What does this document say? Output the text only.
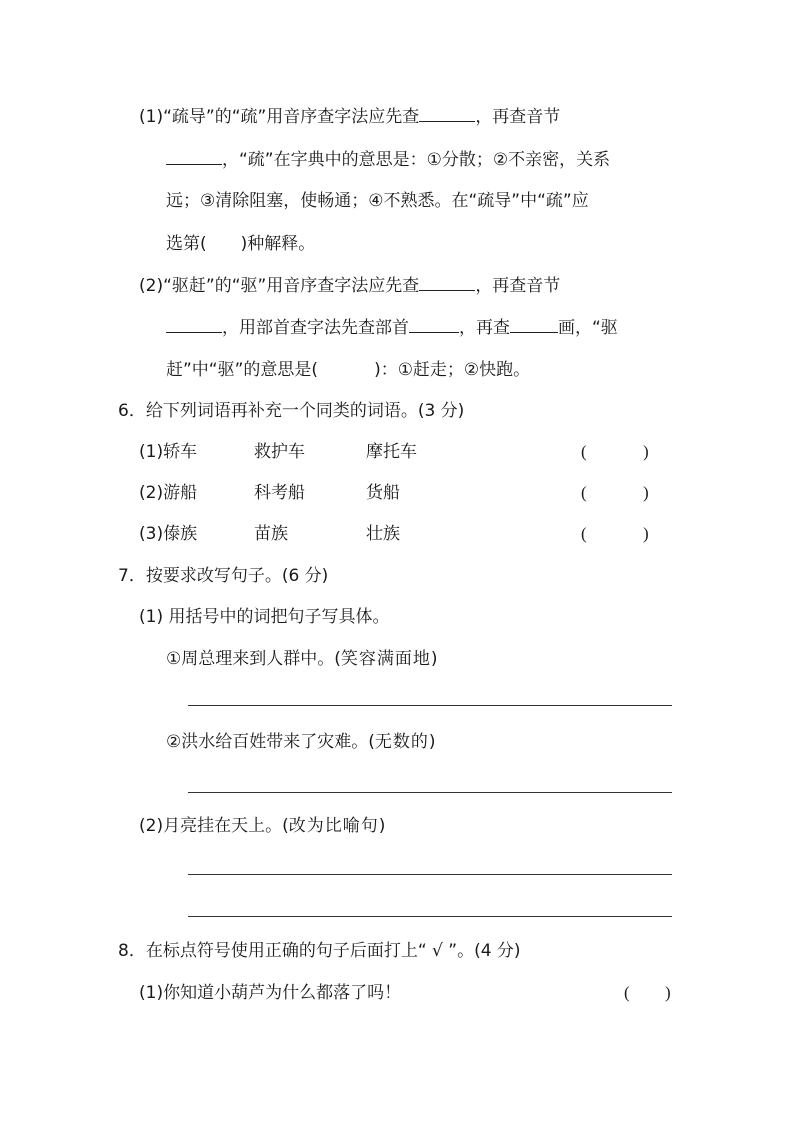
(1)“疏导”的“疏”用音序查字法应先查	，再查音节
，“疏”在字典中的意思是：①分散；②不亲密，关系
远；③清除阻塞，使畅通；④不熟悉。在“疏导”中“疏”应
选第( )种解释。
(2)“驱赶”的“驱”用音序查字法应先查	，再查音节
，用部首查字法先查部首	，再查	画，“驱
赶”中“驱”的意思是(	)：①赶走；②快跑。
6．给下列词语再补充一个同类的词语。(3 分)
(1)轿车	救护车	摩托车	(	)
(2)游船	科考船	货船	(	)
(3)傣族	苗族	壮族	(	)
7．按要求改写句子。(6 分)
(1) 用括号中的词把句子写具体。
①周总理来到人群中。(笑容满面地)
②洪水给百姓带来了灾难。(无数的)
(2)月亮挂在天上。(改为比喻句)
8．在标点符号使用正确的句子后面打上“ √ ”。(4 分)
(1)你知道小葫芦为什么都落了吗！	( )
